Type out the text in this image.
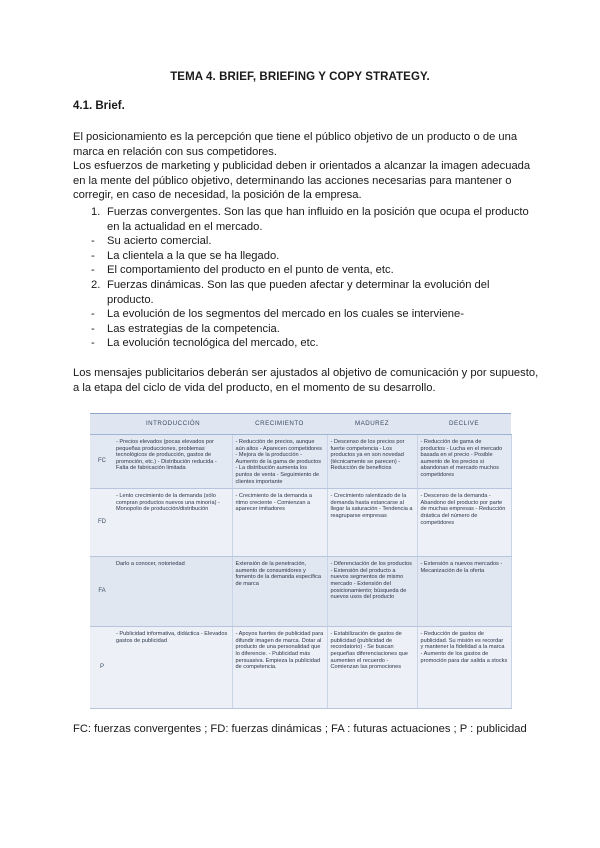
TEMA 4. BRIEF, BRIEFING Y COPY STRATEGY.
4.1. Brief.
El posicionamiento es la percepción que tiene el público objetivo de un producto o de una marca en relación con sus competidores.
Los esfuerzos de marketing y publicidad deben ir orientados a alcanzar la imagen adecuada en la mente del público objetivo, determinando las acciones necesarias para mantener o corregir, en caso de necesidad, la posición de la empresa.
1. Fuerzas convergentes. Son las que han influido en la posición que ocupa el producto en la actualidad en el mercado.
- Su acierto comercial.
- La clientela a la que se ha llegado.
- El comportamiento del producto en el punto de venta, etc.
2. Fuerzas dinámicas. Son las que pueden afectar y determinar la evolución del producto.
- La evolución de los segmentos del mercado en los cuales se interviene-
- Las estrategias de la competencia.
- La evolución tecnológica del mercado, etc.
Los mensajes publicitarios deberán ser ajustados al objetivo de comunicación y por supuesto, a la etapa del ciclo de vida del producto, en el momento de su desarrollo.
	INTRODUCCIÓN	CRECIMIENTO	MADUREZ	DECLIVE
FC	- Precios elevados (pocas elevados por pequeñas producciones, problemas tecnológicos de producción, gastos de promoción, etc.) - Distribución reducida - Falta de fabricación limitada	- Reducción de precios, aunque aún altos - Aparecen competidores - Mejora de la producción - Aumento de la gama de productos - La distribución aumenta los puntos de venta - Seguimiento de clientes importante	- Descenso de los precios por fuerte competencia - Los productos ya en son novedad (técnicamente se parecen) - Reducción de beneficios	- Reducción de gama de productos - Lucha en el mercado basada en el precio - Posible aumento de los precios si abandonan el mercado muchos competidores
FD	- Lento crecimiento de la demanda (sólo compran productos nuevos una minoría) - Monopolio de producción/distribución	- Crecimiento de la demanda a ritmo creciente - Comienzan a aparecer imitadores	- Crecimiento ralentizado de la demanda hasta estancarse al llegar la saturación - Tendencia a reagruparse empresas	- Descenso de la demanda - Abandono del producto por parte de muchas empresas - Reducción drástica del número de competidores
FA	Darlo a conocer, notoriedad	Extensión de la penetración, aumento de consumidores y fomento de la demanda específica de marca	- Diferenciación de los productos - Extensión del producto a nuevos segmentos de mismo mercado - Extensión del posicionamiento; búsqueda de nuevos usos del producto	- Extensión a nuevos mercados - Mecanización de la oferta
P	- Publicidad informativa, didáctica - Elevados gastos de publicidad	- Apoyos fuertes de publicidad para difundir imagen de marca. Dotar al producto de una personalidad que lo diferencie. - Publicidad más persuasiva. Empieza la publicidad de competencia.	- Estabilización de gastos de publicidad (publicidad de recordatorio) - Se buscan pequeñas diferenciaciones que aumenten el recuerdo - Comienzan las promociones	- Reducción de gastos de publicidad. Su misión es recordar y mantener la fidelidad a la marca - Aumento de los gastos de promoción para dar salida a stocks
FC: fuerzas convergentes ; FD: fuerzas dinámicas ; FA : futuras actuaciones ; P : publicidad
